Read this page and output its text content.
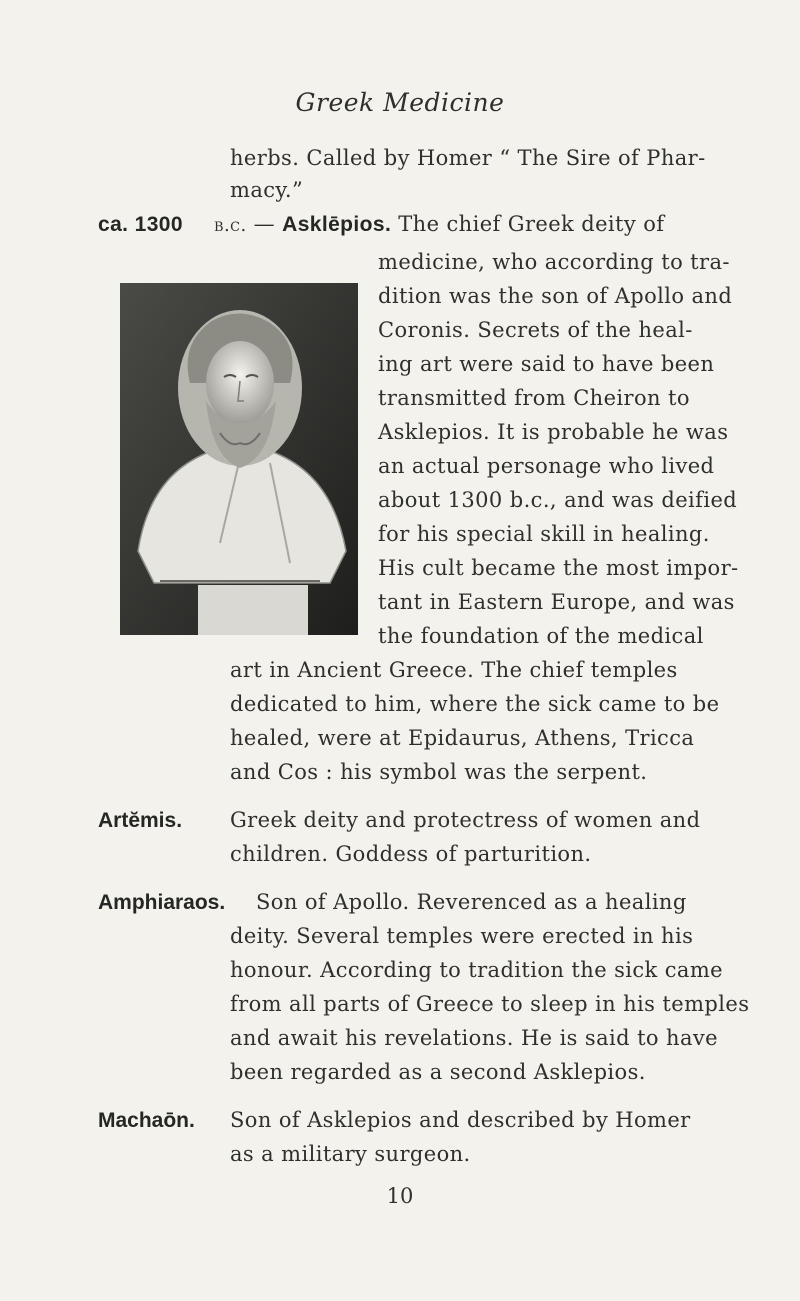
Greek Medicine
herbs. Called by Homer “ The Sire of Phar-
macy.”
ca. 1300 b.c. — Asklēpios. The chief Greek deity of
medicine, who according to tra-
dition was the son of Apollo and
Coronis. Secrets of the heal-
ing art were said to have been
transmitted from Cheiron to
Asklepios. It is probable he was
an actual personage who lived
about 1300 b.c., and was deified
for his special skill in healing.
His cult became the most impor-
tant in Eastern Europe, and was
the foundation of the medical
art in Ancient Greece. The chief temples
dedicated to him, where the sick came to be
healed, were at Epidaurus, Athens, Tricca
and Cos : his symbol was the serpent.
Artĕmis. Greek deity and protectress of women and
children. Goddess of parturition.
Amphiaraos. Son of Apollo. Reverenced as a healing
deity. Several temples were erected in his
honour. According to tradition the sick came
from all parts of Greece to sleep in his temples
and await his revelations. He is said to have
been regarded as a second Asklepios.
Machaōn. Son of Asklepios and described by Homer
as a military surgeon.
10
